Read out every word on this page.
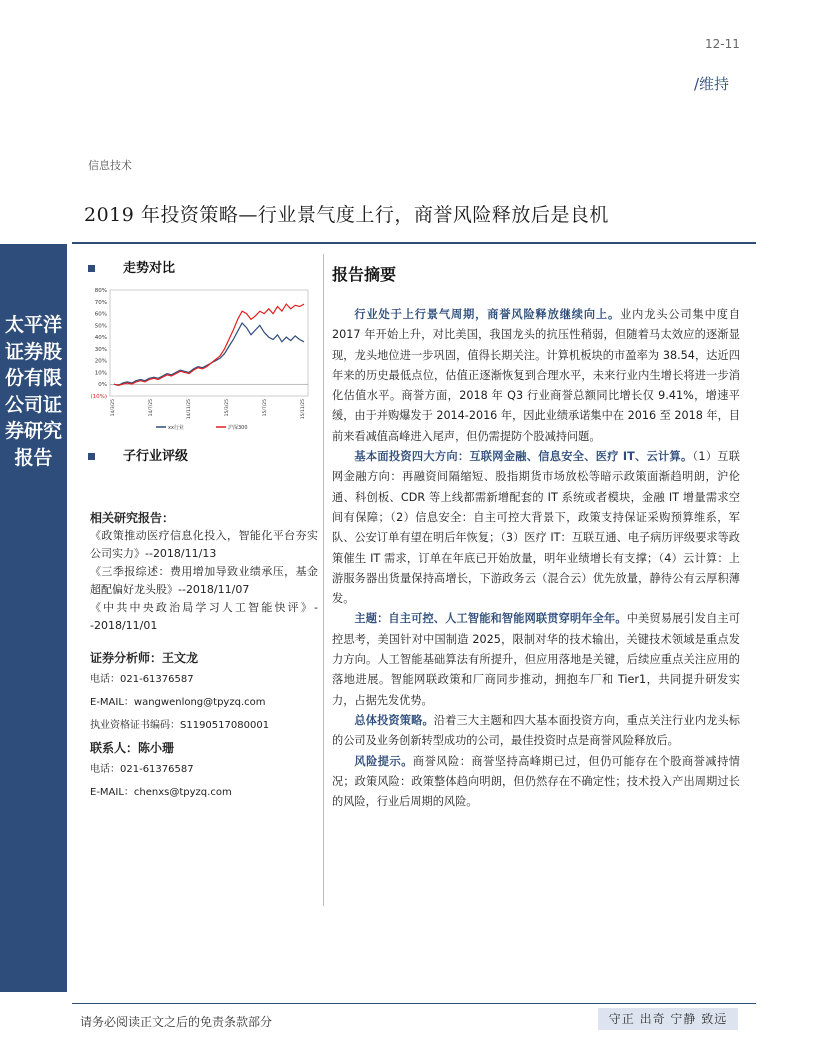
12-11
/维持
信息技术
2019 年投资策略—行业景气度上行，商誉风险释放后是良机
太平洋证券股份有限公司证券研究报告
走势对比
80%
70%
60%
50%
40%
30%
20%
10%
0%
(10%)
14/3/25	14/7/25	14/11/25	15/3/25	15/7/25	15/11/25
xx行业	沪深300
子行业评级
相关研究报告：
《政策推动医疗信息化投入，智能化平台夯实公司实力》--2018/11/13
《三季报综述：费用增加导致业绩承压，基金超配偏好龙头股》--2018/11/07
《中共中央政治局学习人工智能快评》--2018/11/01
证券分析师：王文龙
电话：021-61376587
E-MAIL：wangwenlong@tpyzq.com
执业资格证书编码：S1190517080001
联系人：陈小珊
电话：021-61376587
E-MAIL：chenxs@tpyzq.com
报告摘要

行业处于上行景气周期，商誉风险释放继续向上。业内龙头公司集中度自 2017 年开始上升，对比美国，我国龙头的抗压性稍弱，但随着马太效应的逐渐显现，龙头地位进一步巩固，值得长期关注。计算机板块的市盈率为 38.54，达近四年来的历史最低点位，估值正逐渐恢复到合理水平，未来行业内生增长将进一步消化估值水平。商誉方面，2018 年 Q3 行业商誉总额同比增长仅 9.41%，增速平缓，由于并购爆发于 2014-2016 年，因此业绩承诺集中在 2016 至 2018 年，目前来看减值高峰进入尾声，但仍需提防个股减持问题。

基本面投资四大方向：互联网金融、信息安全、医疗 IT、云计算。（1）互联网金融方向：再融资间隔缩短、股指期货市场放松等暗示政策面渐趋明朗，沪伦通、科创板、CDR 等上线都需新增配套的 IT 系统或者模块，金融 IT 增量需求空间有保障；（2）信息安全：自主可控大背景下，政策支持保证采购预算维系，军队、公安订单有望在明后年恢复；（3）医疗 IT：互联互通、电子病历评级要求等政策催生 IT 需求，订单在年底已开始放量，明年业绩增长有支撑；（4）云计算：上游服务器出货量保持高增长，下游政务云（混合云）优先放量，静待公有云厚积薄发。

主题：自主可控、人工智能和智能网联贯穿明年全年。中美贸易展引发自主可控思考，美国针对中国制造 2025，限制对华的技术输出，关键技术领域是重点发力方向。人工智能基础算法有所提升，但应用落地是关键，后续应重点关注应用的落地进展。智能网联政策和厂商同步推动，拥抱车厂和 Tier1，共同提升研发实力，占据先发优势。

总体投资策略。沿着三大主题和四大基本面投资方向，重点关注行业内龙头标的公司及业务创新转型成功的公司，最佳投资时点是商誉风险释放后。

风险提示。商誉风险：商誉坚持高峰期已过，但仍可能存在个股商誉减持情况；政策风险：政策整体趋向明朗，但仍然存在不确定性；技术投入产出周期过长的风险，行业后周期的风险。

请务必阅读正文之后的免责条款部分	守正 出奇 宁静 致远
